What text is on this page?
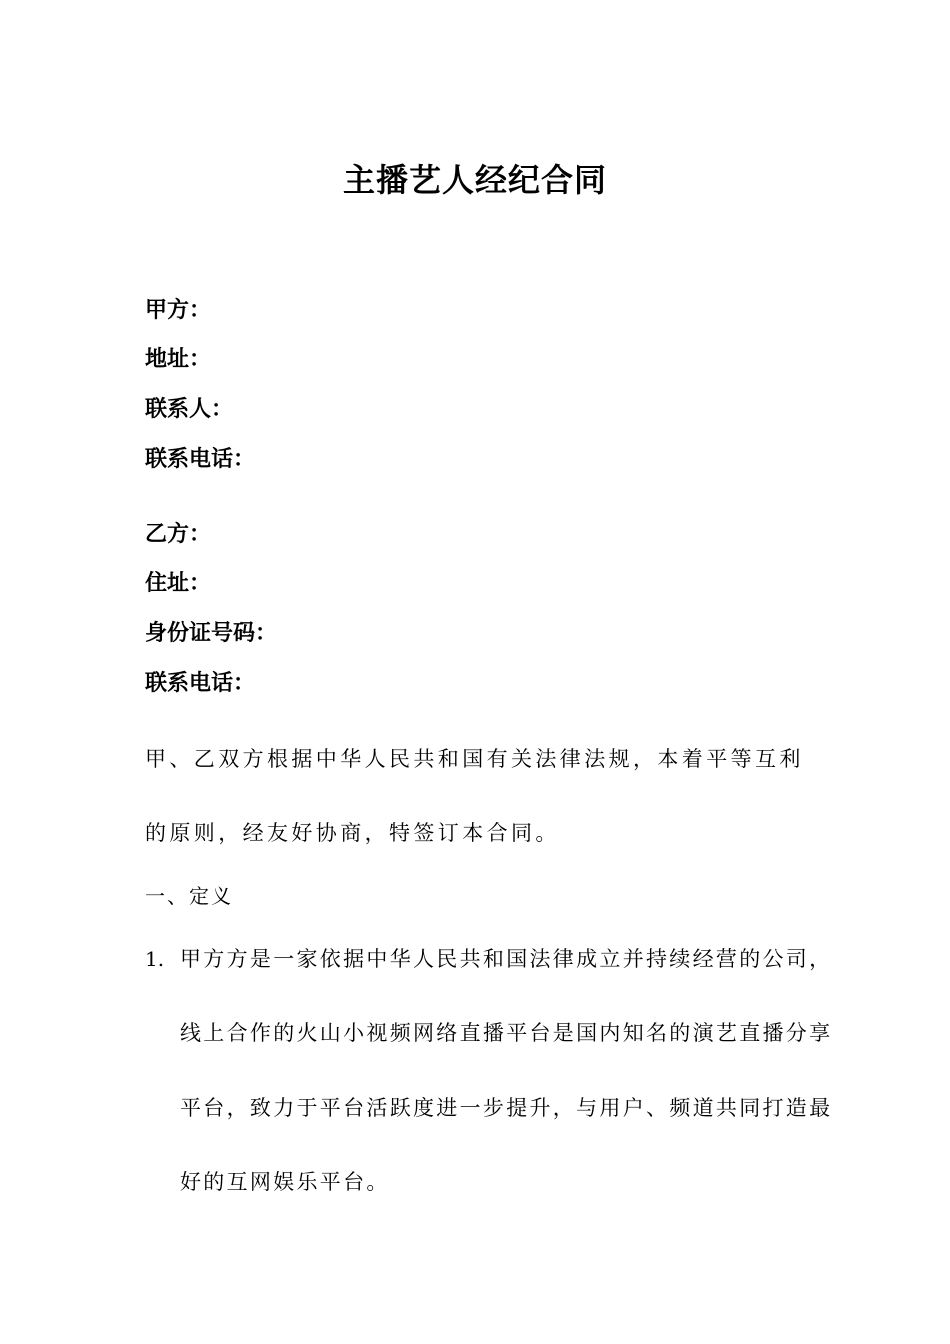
主播艺人经纪合同
甲方：
地址：
联系人：
联系电话：
乙方：
住址：
身份证号码：
联系电话：
甲、乙双方根据中华人民共和国有关法律法规，本着平等互利
的原则，经友好协商，特签订本合同。
一、定义
1. 甲方方是一家依据中华人民共和国法律成立并持续经营的公司，
线上合作的火山小视频网络直播平台是国内知名的演艺直播分享
平台，致力于平台活跃度进一步提升，与用户、频道共同打造最
好的互网娱乐平台。
